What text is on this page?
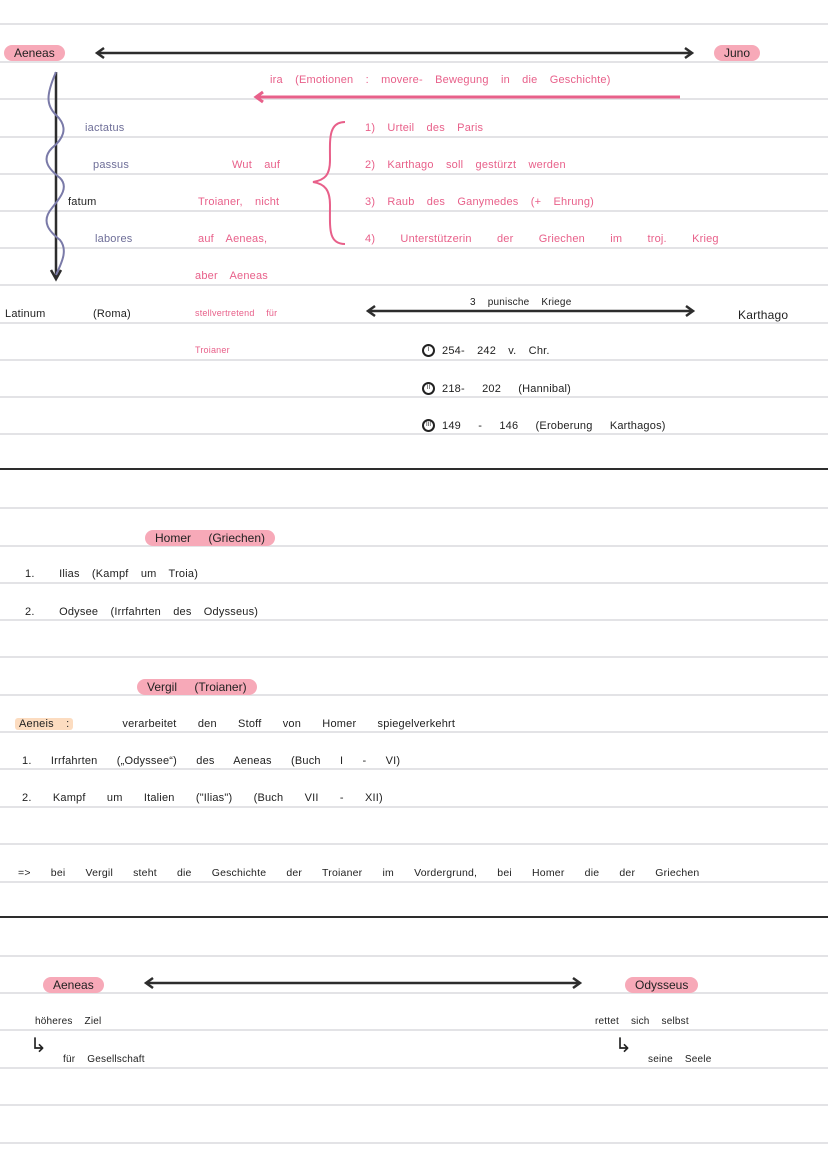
Aeneas	Juno
ira (Emotionen : movere- Bewegung in die Geschichte)
iactatus
passus
fatum
labores
Wut auf
Troianer, nicht
auf Aeneas,
aber Aeneas
stellvertretend für
Troianer
1) Urteil des Paris
2) Karthago soll gestürzt werden
3) Raub des Ganymedes (+ Ehrung)
4) Unterstützerin der Griechen im troj. Krieg
Latinum	(Roma)
3 punische Kriege
Karthago
I	254- 242 v. Chr.
II	218- 202 (Hannibal)
III	149 - 146 (Eroberung Karthagos)
Homer (Griechen)
1. Ilias (Kampf um Troia)
2. Odysee (Irrfahrten des Odysseus)
Vergil (Troianer)
Aeneis :	verarbeitet den Stoff von Homer spiegelverkehrt
1. Irrfahrten („Odyssee“) des Aeneas (Buch I - VI)
2. Kampf um Italien ("Ilias") (Buch VII - XII)
=> bei Vergil steht die Geschichte der Troianer im Vordergrund, bei Homer die der Griechen
Aeneas	Odysseus
höheres Ziel
↳
für Gesellschaft
rettet sich selbst
↳
seine Seele
